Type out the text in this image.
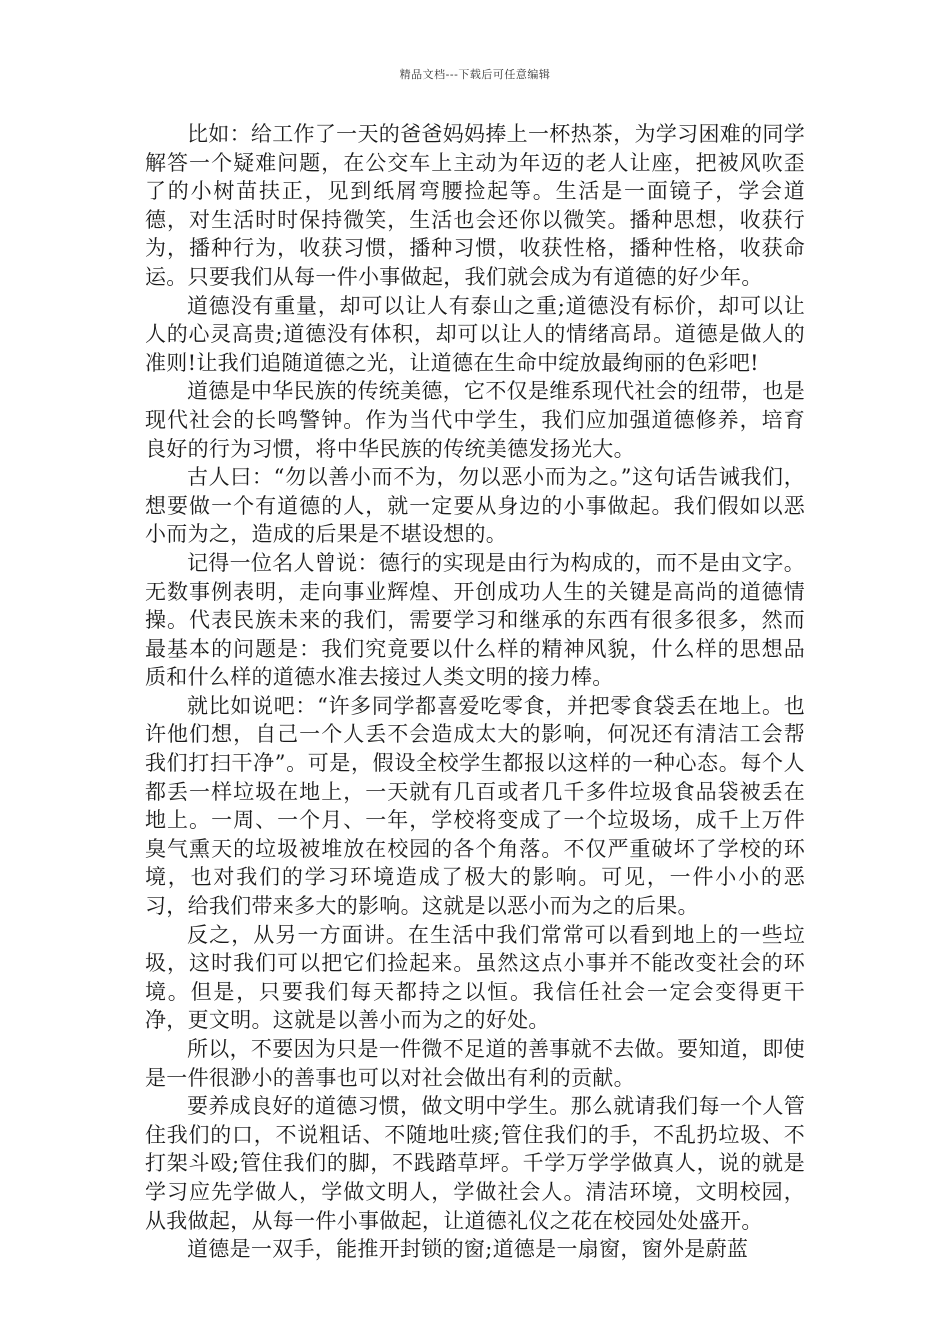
精品文档---下载后可任意编辑

比如：给工作了一天的爸爸妈妈捧上一杯热茶，为学习困难的同学解答一个疑难问题，在公交车上主动为年迈的老人让座，把被风吹歪了的小树苗扶正，见到纸屑弯腰捡起等。生活是一面镜子，学会道德，对生活时时保持微笑，生活也会还你以微笑。播种思想，收获行为，播种行为，收获习惯，播种习惯，收获性格，播种性格，收获命运。只要我们从每一件小事做起，我们就会成为有道德的好少年。

道德没有重量，却可以让人有泰山之重;道德没有标价，却可以让人的心灵高贵;道德没有体积，却可以让人的情绪高昂。道德是做人的准则!让我们追随道德之光，让道德在生命中绽放最绚丽的色彩吧!

道德是中华民族的传统美德，它不仅是维系现代社会的纽带，也是现代社会的长鸣警钟。作为当代中学生，我们应加强道德修养，培育良好的行为习惯，将中华民族的传统美德发扬光大。

古人曰：“勿以善小而不为，勿以恶小而为之。”这句话告诫我们，想要做一个有道德的人，就一定要从身边的小事做起。我们假如以恶小而为之，造成的后果是不堪设想的。

记得一位名人曾说：德行的实现是由行为构成的，而不是由文字。无数事例表明，走向事业辉煌、开创成功人生的关键是高尚的道德情操。代表民族未来的我们，需要学习和继承的东西有很多很多，然而最基本的问题是：我们究竟要以什么样的精神风貌，什么样的思想品质和什么样的道德水准去接过人类文明的接力棒。

就比如说吧：“许多同学都喜爱吃零食，并把零食袋丢在地上。也许他们想，自己一个人丢不会造成太大的影响，何况还有清洁工会帮我们打扫干净”。可是，假设全校学生都报以这样的一种心态。每个人都丢一样垃圾在地上，一天就有几百或者几千多件垃圾食品袋被丢在地上。一周、一个月、一年，学校将变成了一个垃圾场，成千上万件臭气熏天的垃圾被堆放在校园的各个角落。不仅严重破坏了学校的环境，也对我们的学习环境造成了极大的影响。可见，一件小小的恶习，给我们带来多大的影响。这就是以恶小而为之的后果。

反之，从另一方面讲。在生活中我们常常可以看到地上的一些垃圾，这时我们可以把它们捡起来。虽然这点小事并不能改变社会的环境。但是，只要我们每天都持之以恒。我信任社会一定会变得更干净，更文明。这就是以善小而为之的好处。

所以，不要因为只是一件微不足道的善事就不去做。要知道，即使是一件很渺小的善事也可以对社会做出有利的贡献。

要养成良好的道德习惯，做文明中学生。那么就请我们每一个人管住我们的口，不说粗话、不随地吐痰;管住我们的手，不乱扔垃圾、不打架斗殴;管住我们的脚，不践踏草坪。千学万学学做真人，说的就是学习应先学做人，学做文明人，学做社会人。清洁环境，文明校园，从我做起，从每一件小事做起，让道德礼仪之花在校园处处盛开。

道德是一双手，能推开封锁的窗;道德是一扇窗，窗外是蔚蓝
